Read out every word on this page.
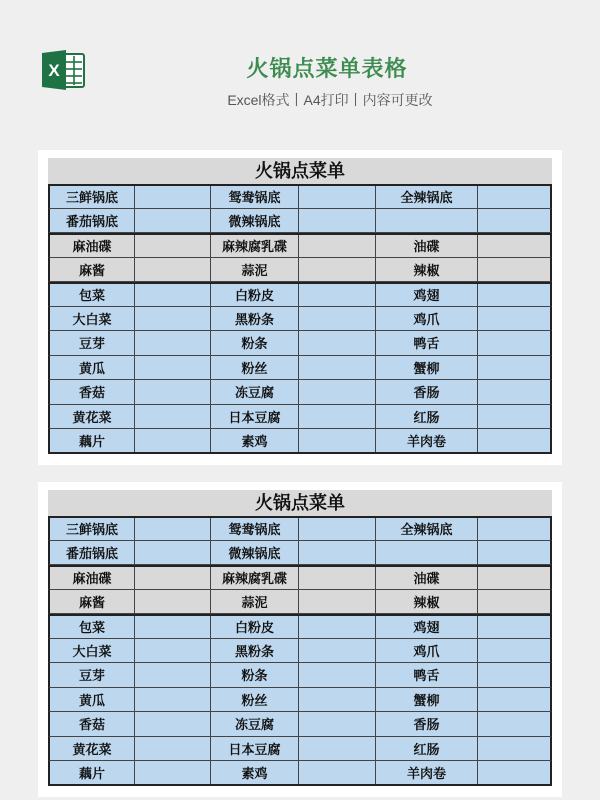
X	火锅点菜单表格
Excel格式丨A4打印丨内容可更改
火锅点菜单
三鲜锅底	鸳鸯锅底	全辣锅底
番茄锅底	微辣锅底
麻油碟	麻辣腐乳碟	油碟
麻酱	蒜泥	辣椒
包菜	白粉皮	鸡翅
大白菜	黑粉条	鸡爪
豆芽	粉条	鸭舌
黄瓜	粉丝	蟹柳
香菇	冻豆腐	香肠
黄花菜	日本豆腐	红肠
藕片	素鸡	羊肉卷
火锅点菜单
三鲜锅底	鸳鸯锅底	全辣锅底
番茄锅底	微辣锅底
麻油碟	麻辣腐乳碟	油碟
麻酱	蒜泥	辣椒
包菜	白粉皮	鸡翅
大白菜	黑粉条	鸡爪
豆芽	粉条	鸭舌
黄瓜	粉丝	蟹柳
香菇	冻豆腐	香肠
黄花菜	日本豆腐	红肠
藕片	素鸡	羊肉卷
